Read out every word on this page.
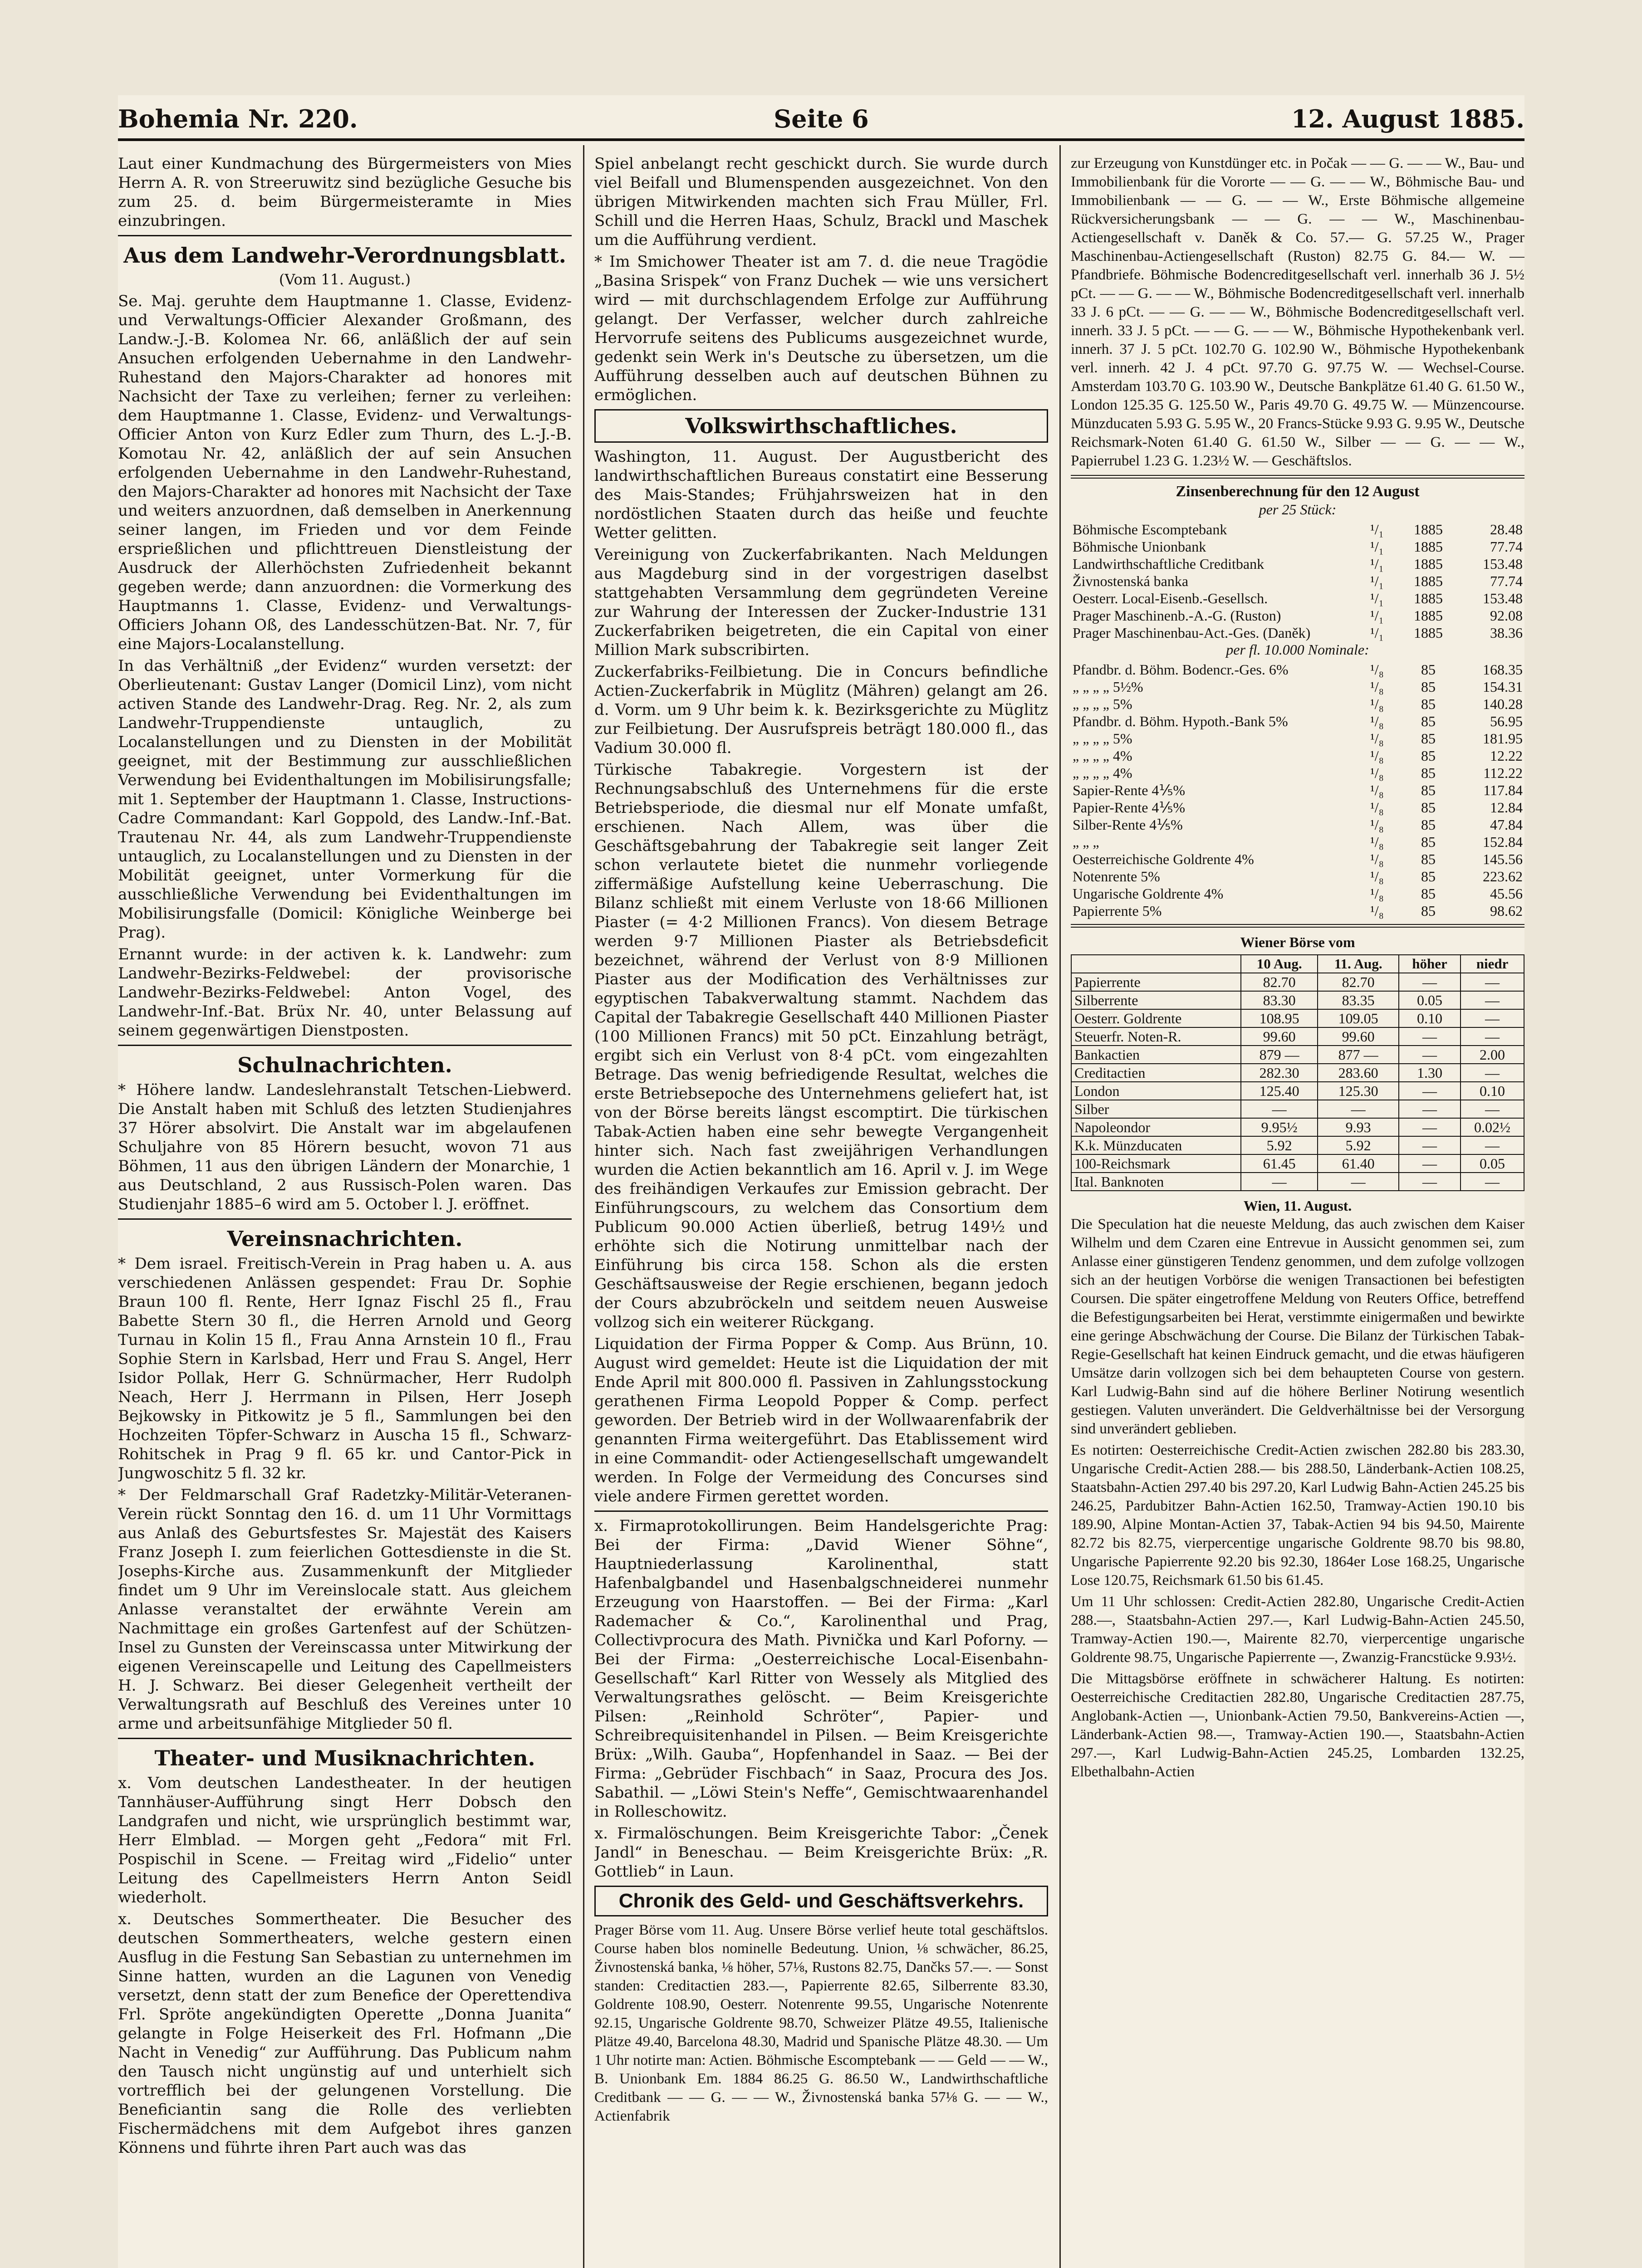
Seite 6
Bohemia Nr. 220.	12. August 1885.

Laut einer Kundmachung des Bürgermeisters von Mies Herrn A. R. von Streeruwitz sind bezügliche Gesuche bis zum 25. d. beim Bürgermeisteramte in Mies einzubringen.

Aus dem Landwehr-Verordnungsblatt.
(Vom 11. August.)

Se. Maj. geruhte dem Hauptmanne 1. Classe, Evidenz- und Verwaltungs-Officier Alexander Großmann, des Landw.-J.-B. Kolomea Nr. 66, anläßlich der auf sein Ansuchen erfolgenden Uebernahme in den Landwehr-Ruhestand den Majors-Charakter ad honores mit Nachsicht der Taxe zu verleihen; ferner zu verleihen: dem Hauptmanne 1. Classe, Evidenz- und Verwaltungs-Officier Anton von Kurz Edler zum Thurn, des L.-J.-B. Komotau Nr. 42, anläßlich der auf sein Ansuchen erfolgenden Uebernahme in den Landwehr-Ruhestand, den Majors-Charakter ad honores mit Nachsicht der Taxe und weiters anzuordnen, daß demselben in Anerkennung seiner langen, im Frieden und vor dem Feinde ersprießlichen und pflichttreuen Dienstleistung der Ausdruck der Allerhöchsten Zufriedenheit bekannt gegeben werde; dann anzuordnen: die Vormerkung des Hauptmanns 1. Classe, Evidenz- und Verwaltungs-Officiers Johann Oß, des Landesschützen-Bat. Nr. 7, für eine Majors-Localanstellung.

In das Verhältniß „der Evidenz“ wurden versetzt: der Oberlieutenant: Gustav Langer (Domicil Linz), vom nicht activen Stande des Landwehr-Drag. Reg. Nr. 2, als zum Landwehr-Truppendienste untauglich, zu Localanstellungen und zu Diensten in der Mobilität geeignet, mit der Bestimmung zur ausschließlichen Verwendung bei Evidenthaltungen im Mobilisirungsfalle; mit 1. September der Hauptmann 1. Classe, Instructions-Cadre Commandant: Karl Goppold, des Landw.-Inf.-Bat. Trautenau Nr. 44, als zum Landwehr-Truppendienste untauglich, zu Localanstellungen und zu Diensten in der Mobilität geeignet, unter Vormerkung für die ausschließliche Verwendung bei Evidenthaltungen im Mobilisirungsfalle (Domicil: Königliche Weinberge bei Prag).

Ernannt wurde: in der activen k. k. Landwehr: zum Landwehr-Bezirks-Feldwebel: der provisorische Landwehr-Bezirks-Feldwebel: Anton Vogel, des Landwehr-Inf.-Bat. Brüx Nr. 40, unter Belassung auf seinem gegenwärtigen Dienstposten.

Schulnachrichten.

* Höhere landw. Landeslehranstalt Tetschen-Liebwerd. Die Anstalt haben mit Schluß des letzten Studienjahres 37 Hörer absolvirt. Die Anstalt war im abgelaufenen Schuljahre von 85 Hörern besucht, wovon 71 aus Böhmen, 11 aus den übrigen Ländern der Monarchie, 1 aus Deutschland, 2 aus Russisch-Polen waren. Das Studienjahr 1885–6 wird am 5. October l. J. eröffnet.

Vereinsnachrichten.

* Dem israel. Freitisch-Verein in Prag haben u. A. aus verschiedenen Anlässen gespendet: Frau Dr. Sophie Braun 100 fl. Rente, Herr Ignaz Fischl 25 fl., Frau Babette Stern 30 fl., die Herren Arnold und Georg Turnau in Kolin 15 fl., Frau Anna Arnstein 10 fl., Frau Sophie Stern in Karlsbad, Herr und Frau S. Angel, Herr Isidor Pollak, Herr G. Schnürmacher, Herr Rudolph Neach, Herr J. Herrmann in Pilsen, Herr Joseph Bejkowsky in Pitkowitz je 5 fl., Sammlungen bei den Hochzeiten Töpfer-Schwarz in Auscha 15 fl., Schwarz-Rohitschek in Prag 9 fl. 65 kr. und Cantor-Pick in Jungwoschitz 5 fl. 32 kr.

* Der Feldmarschall Graf Radetzky-Militär-Veteranen-Verein rückt Sonntag den 16. d. um 11 Uhr Vormittags aus Anlaß des Geburtsfestes Sr. Majestät des Kaisers Franz Joseph I. zum feierlichen Gottesdienste in die St. Josephs-Kirche aus. Zusammenkunft der Mitglieder findet um 9 Uhr im Vereinslocale statt. Aus gleichem Anlasse veranstaltet der erwähnte Verein am Nachmittage ein großes Gartenfest auf der Schützen-Insel zu Gunsten der Vereinscassa unter Mitwirkung der eigenen Vereinscapelle und Leitung des Capellmeisters H. J. Schwarz. Bei dieser Gelegenheit vertheilt der Verwaltungsrath auf Beschluß des Vereines unter 10 arme und arbeitsunfähige Mitglieder 50 fl.

Theater- und Musiknachrichten.

x. Vom deutschen Landestheater. In der heutigen Tannhäuser-Aufführung singt Herr Dobsch den Landgrafen und nicht, wie ursprünglich bestimmt war, Herr Elmblad. — Morgen geht „Fedora“ mit Frl. Pospischil in Scene. — Freitag wird „Fidelio“ unter Leitung des Capellmeisters Herrn Anton Seidl wiederholt.

x. Deutsches Sommertheater. Die Besucher des deutschen Sommertheaters, welche gestern einen Ausflug in die Festung San Sebastian zu unternehmen im Sinne hatten, wurden an die Lagunen von Venedig versetzt, denn statt der zum Benefice der Operettendiva Frl. Spröte angekündigten Operette „Donna Juanita“ gelangte in Folge Heiserkeit des Frl. Hofmann „Die Nacht in Venedig“ zur Aufführung. Das Publicum nahm den Tausch nicht ungünstig auf und unterhielt sich vortrefflich bei der gelungenen Vorstellung. Die Beneficiantin sang die Rolle des verliebten Fischermädchens mit dem Aufgebot ihres ganzen Könnens und führte ihren Part auch was das

Spiel anbelangt recht geschickt durch. Sie wurde durch viel Beifall und Blumenspenden ausgezeichnet. Von den übrigen Mitwirkenden machten sich Frau Müller, Frl. Schill und die Herren Haas, Schulz, Brackl und Maschek um die Aufführung verdient.

* Im Smichower Theater ist am 7. d. die neue Tragödie „Basina Srispek“ von Franz Duchek — wie uns versichert wird — mit durchschlagendem Erfolge zur Aufführung gelangt. Der Verfasser, welcher durch zahlreiche Hervorrufe seitens des Publicums ausgezeichnet wurde, gedenkt sein Werk in's Deutsche zu übersetzen, um die Aufführung desselben auch auf deutschen Bühnen zu ermöglichen.

Volkswirthschaftliches.

Washington, 11. August. Der Augustbericht des landwirthschaftlichen Bureaus constatirt eine Besserung des Mais-Standes; Frühjahrsweizen hat in den nordöstlichen Staaten durch das heiße und feuchte Wetter gelitten.

Vereinigung von Zuckerfabrikanten. Nach Meldungen aus Magdeburg sind in der vorgestrigen daselbst stattgehabten Versammlung dem gegründeten Vereine zur Wahrung der Interessen der Zucker-Industrie 131 Zuckerfabriken beigetreten, die ein Capital von einer Million Mark subscribirten.

Zuckerfabriks-Feilbietung. Die in Concurs befindliche Actien-Zuckerfabrik in Müglitz (Mähren) gelangt am 26. d. Vorm. um 9 Uhr beim k. k. Bezirksgerichte zu Müglitz zur Feilbietung. Der Ausrufspreis beträgt 180.000 fl., das Vadium 30.000 fl.

Türkische Tabakregie. Vorgestern ist der Rechnungsabschluß des Unternehmens für die erste Betriebsperiode, die diesmal nur elf Monate umfaßt, erschienen. Nach Allem, was über die Geschäftsgebahrung der Tabakregie seit langer Zeit schon verlautete bietet die nunmehr vorliegende ziffermäßige Aufstellung keine Ueberraschung. Die Bilanz schließt mit einem Verluste von 18·66 Millionen Piaster (= 4·2 Millionen Francs). Von diesem Betrage werden 9·7 Millionen Piaster als Betriebsdeficit bezeichnet, während der Verlust von 8·9 Millionen Piaster aus der Modification des Verhältnisses zur egyptischen Tabakverwaltung stammt. Nachdem das Capital der Tabakregie Gesellschaft 440 Millionen Piaster (100 Millionen Francs) mit 50 pCt. Einzahlung beträgt, ergibt sich ein Verlust von 8·4 pCt. vom eingezahlten Betrage. Das wenig befriedigende Resultat, welches die erste Betriebsepoche des Unternehmens geliefert hat, ist von der Börse bereits längst escomptirt. Die türkischen Tabak-Actien haben eine sehr bewegte Vergangenheit hinter sich. Nach fast zweijährigen Verhandlungen wurden die Actien bekanntlich am 16. April v. J. im Wege des freihändigen Verkaufes zur Emission gebracht. Der Einführungscours, zu welchem das Consortium dem Publicum 90.000 Actien überließ, betrug 149½ und erhöhte sich die Notirung unmittelbar nach der Einführung bis circa 158. Schon als die ersten Geschäftsausweise der Regie erschienen, begann jedoch der Cours abzubröckeln und seitdem neuen Ausweise vollzog sich ein weiterer Rückgang.

Liquidation der Firma Popper & Comp. Aus Brünn, 10. August wird gemeldet: Heute ist die Liquidation der mit Ende April mit 800.000 fl. Passiven in Zahlungsstockung gerathenen Firma Leopold Popper & Comp. perfect geworden. Der Betrieb wird in der Wollwaarenfabrik der genannten Firma weitergeführt. Das Etablissement wird in eine Commandit- oder Actiengesellschaft umgewandelt werden. In Folge der Vermeidung des Concurses sind viele andere Firmen gerettet worden.

x. Firmaprotokollirungen. Beim Handelsgerichte Prag: Bei der Firma: „David Wiener Söhne“, Hauptniederlassung Karolinenthal, statt Hafenbalgbandel und Hasenbalgschneiderei nunmehr Erzeugung von Haarstoffen. — Bei der Firma: „Karl Rademacher & Co.“, Karolinenthal und Prag, Collectivprocura des Math. Pivnička und Karl Poforny. — Bei der Firma: „Oesterreichische Local-Eisenbahn-Gesellschaft“ Karl Ritter von Wessely als Mitglied des Verwaltungsrathes gelöscht. — Beim Kreisgerichte Pilsen: „Reinhold Schröter“, Papier- und Schreibrequisitenhandel in Pilsen. — Beim Kreisgerichte Brüx: „Wilh. Gauba“, Hopfenhandel in Saaz. — Bei der Firma: „Gebrüder Fischbach“ in Saaz, Procura des Jos. Sabathil. — „Löwi Stein's Neffe“, Gemischtwaarenhandel in Rolleschowitz.

x. Firmalöschungen. Beim Kreisgerichte Tabor: „Čenek Jandl“ in Beneschau. — Beim Kreisgerichte Brüx: „R. Gottlieb“ in Laun.

Chronik des Geld- und Geschäftsverkehrs.

Prager Börse vom 11. Aug. Unsere Börse verlief heute total geschäftslos. Course haben blos nominelle Bedeutung. Union, ⅛ schwächer, 86.25, Živnostenská banka, ⅛ höher, 57⅛, Rustons 82.75, Dančks 57.—. — Sonst standen: Creditactien 283.—, Papierrente 82.65, Silberrente 83.30, Goldrente 108.90, Oesterr. Notenrente 99.55, Ungarische Notenrente 92.15, Ungarische Goldrente 98.70, Schweizer Plätze 49.55, Italienische Plätze 49.40, Barcelona 48.30, Madrid und Spanische Plätze 48.30. — Um 1 Uhr notirte man: Actien. Böhmische Escomptebank — — Geld — — W., B. Unionbank Em. 1884 86.25 G. 86.50 W., Landwirthschaftliche Creditbank — — G. — — W., Živnostenská banka 57⅛ G. — — W., Actienfabrik

zur Erzeugung von Kunstdünger etc. in Počak — — G. — — W., Bau- und Immobilienbank für die Vororte — — G. — — W., Böhmische Bau- und Immobilienbank — — G. — — W., Erste Böhmische allgemeine Rückversicherungsbank — — G. — — W., Maschinenbau-Actiengesellschaft v. Daněk & Co. 57.— G. 57.25 W., Prager Maschinenbau-Actiengesellschaft (Ruston) 82.75 G. 84.— W. — Pfandbriefe. Böhmische Bodencreditgesellschaft verl. innerhalb 36 J. 5½ pCt. — — G. — — W., Böhmische Bodencreditgesellschaft verl. innerhalb 33 J. 6 pCt. — — G. — — W., Böhmische Bodencreditgesellschaft verl. innerh. 33 J. 5 pCt. — — G. — — W., Böhmische Hypothekenbank verl. innerh. 37 J. 5 pCt. 102.70 G. 102.90 W., Böhmische Hypothekenbank verl. innerh. 42 J. 4 pCt. 97.70 G. 97.75 W. — Wechsel-Course. Amsterdam 103.70 G. 103.90 W., Deutsche Bankplätze 61.40 G. 61.50 W., London 125.35 G. 125.50 W., Paris 49.70 G. 49.75 W. — Münzencourse. Münzducaten 5.93 G. 5.95 W., 20 Francs-Stücke 9.93 G. 9.95 W., Deutsche Reichsmark-Noten 61.40 G. 61.50 W., Silber — — G. — — W., Papierrubel 1.23 G. 1.23½ W. — Geschäftslos.

Zinsenberechnung für den 12 August
per 25 Stück:
Böhmische Escomptebank	¹/₁	1885	28.48
Böhmische Unionbank	¹/₁	1885	77.74
Landwirthschaftliche Creditbank	¹/₁	1885	153.48
Živnostenská banka	¹/₁	1885	77.74
Oesterr. Local-Eisenb.-Gesellsch.	¹/₁	1885	153.48
Prager Maschinenb.-A.-G. (Ruston)	¹/₁	1885	92.08
Prager Maschinenbau-Act.-Ges. (Daněk)	¹/₁	1885	38.36
per fl. 10.000 Nominale:
Pfandbr. d. Böhm. Bodencr.-Ges. 6%	¹/₈	85	168.35
„ „ „ „ 5½%	¹/₈	85	154.31
„ „ „ „ 5%	¹/₈	85	140.28
Pfandbr. d. Böhm. Hypoth.-Bank 5%	¹/₈	85	56.95
„ „ „ „ 5%	¹/₈	85	181.95
„ „ „ „ 4%	¹/₈	85	12.22
„ „ „ „ 4%	¹/₈	85	112.22
Sapier-Rente 4⅕%	¹/₈	85	117.84
Papier-Rente 4⅕%	¹/₈	85	12.84
Silber-Rente 4⅕%	¹/₈	85	47.84
„ „ „	¹/₈	85	152.84
Oesterreichische Goldrente 4%	¹/₈	85	145.56
Notenrente 5%	¹/₈	85	223.62
Ungarische Goldrente 4%	¹/₈	85	45.56
Papierrente 5%	¹/₈	85	98.62
Wiener Börse vom
	10 Aug.	11. Aug.	höher	niedr
Papierrente	82.70	82.70	—	—
Silberrente	83.30	83.35	0.05	—
Oesterr. Goldrente	108.95	109.05	0.10	—
Steuerfr. Noten-R.	99.60	99.60	—	—
Bankactien	879 —	877 —	—	2.00
Creditactien	282.30	283.60	1.30	—
London	125.40	125.30	—	0.10
Silber	—	—	—	—
Napoleondor	9.95½	9.93	—	0.02½
K.k. Münzducaten	5.92	5.92	—	—
100-Reichsmark	61.45	61.40	—	0.05
Ital. Banknoten	—	—	—	—
Wien, 11. August.

Die Speculation hat die neueste Meldung, das auch zwischen dem Kaiser Wilhelm und dem Czaren eine Entrevue in Aussicht genommen sei, zum Anlasse einer günstigeren Tendenz genommen, und dem zufolge vollzogen sich an der heutigen Vorbörse die wenigen Transactionen bei befestigten Coursen. Die später eingetroffene Meldung von Reuters Office, betreffend die Befestigungsarbeiten bei Herat, verstimmte einigermaßen und bewirkte eine geringe Abschwächung der Course. Die Bilanz der Türkischen Tabak-Regie-Gesellschaft hat keinen Eindruck gemacht, und die etwas häufigeren Umsätze darin vollzogen sich bei dem behaupteten Course von gestern. Karl Ludwig-Bahn sind auf die höhere Berliner Notirung wesentlich gestiegen. Valuten unverändert. Die Geldverhältnisse bei der Versorgung sind unverändert geblieben.

Es notirten: Oesterreichische Credit-Actien zwischen 282.80 bis 283.30, Ungarische Credit-Actien 288.— bis 288.50, Länderbank-Actien 108.25, Staatsbahn-Actien 297.40 bis 297.20, Karl Ludwig Bahn-Actien 245.25 bis 246.25, Pardubitzer Bahn-Actien 162.50, Tramway-Actien 190.10 bis 189.90, Alpine Montan-Actien 37, Tabak-Actien 94 bis 94.50, Mairente 82.72 bis 82.75, vierpercentige ungarische Goldrente 98.70 bis 98.80, Ungarische Papierrente 92.20 bis 92.30, 1864er Lose 168.25, Ungarische Lose 120.75, Reichsmark 61.50 bis 61.45.

Um 11 Uhr schlossen: Credit-Actien 282.80, Ungarische Credit-Actien 288.—, Staatsbahn-Actien 297.—, Karl Ludwig-Bahn-Actien 245.50, Tramway-Actien 190.—, Mairente 82.70, vierpercentige ungarische Goldrente 98.75, Ungarische Papierrente —, Zwanzig-Francstücke 9.93½.

Die Mittagsbörse eröffnete in schwächerer Haltung. Es notirten: Oesterreichische Creditactien 282.80, Ungarische Creditactien 287.75, Anglobank-Actien —, Unionbank-Actien 79.50, Bankvereins-Actien —, Länderbank-Actien 98.—, Tramway-Actien 190.—, Staatsbahn-Actien 297.—, Karl Ludwig-Bahn-Actien 245.25, Lombarden 132.25, Elbethalbahn-Actien
